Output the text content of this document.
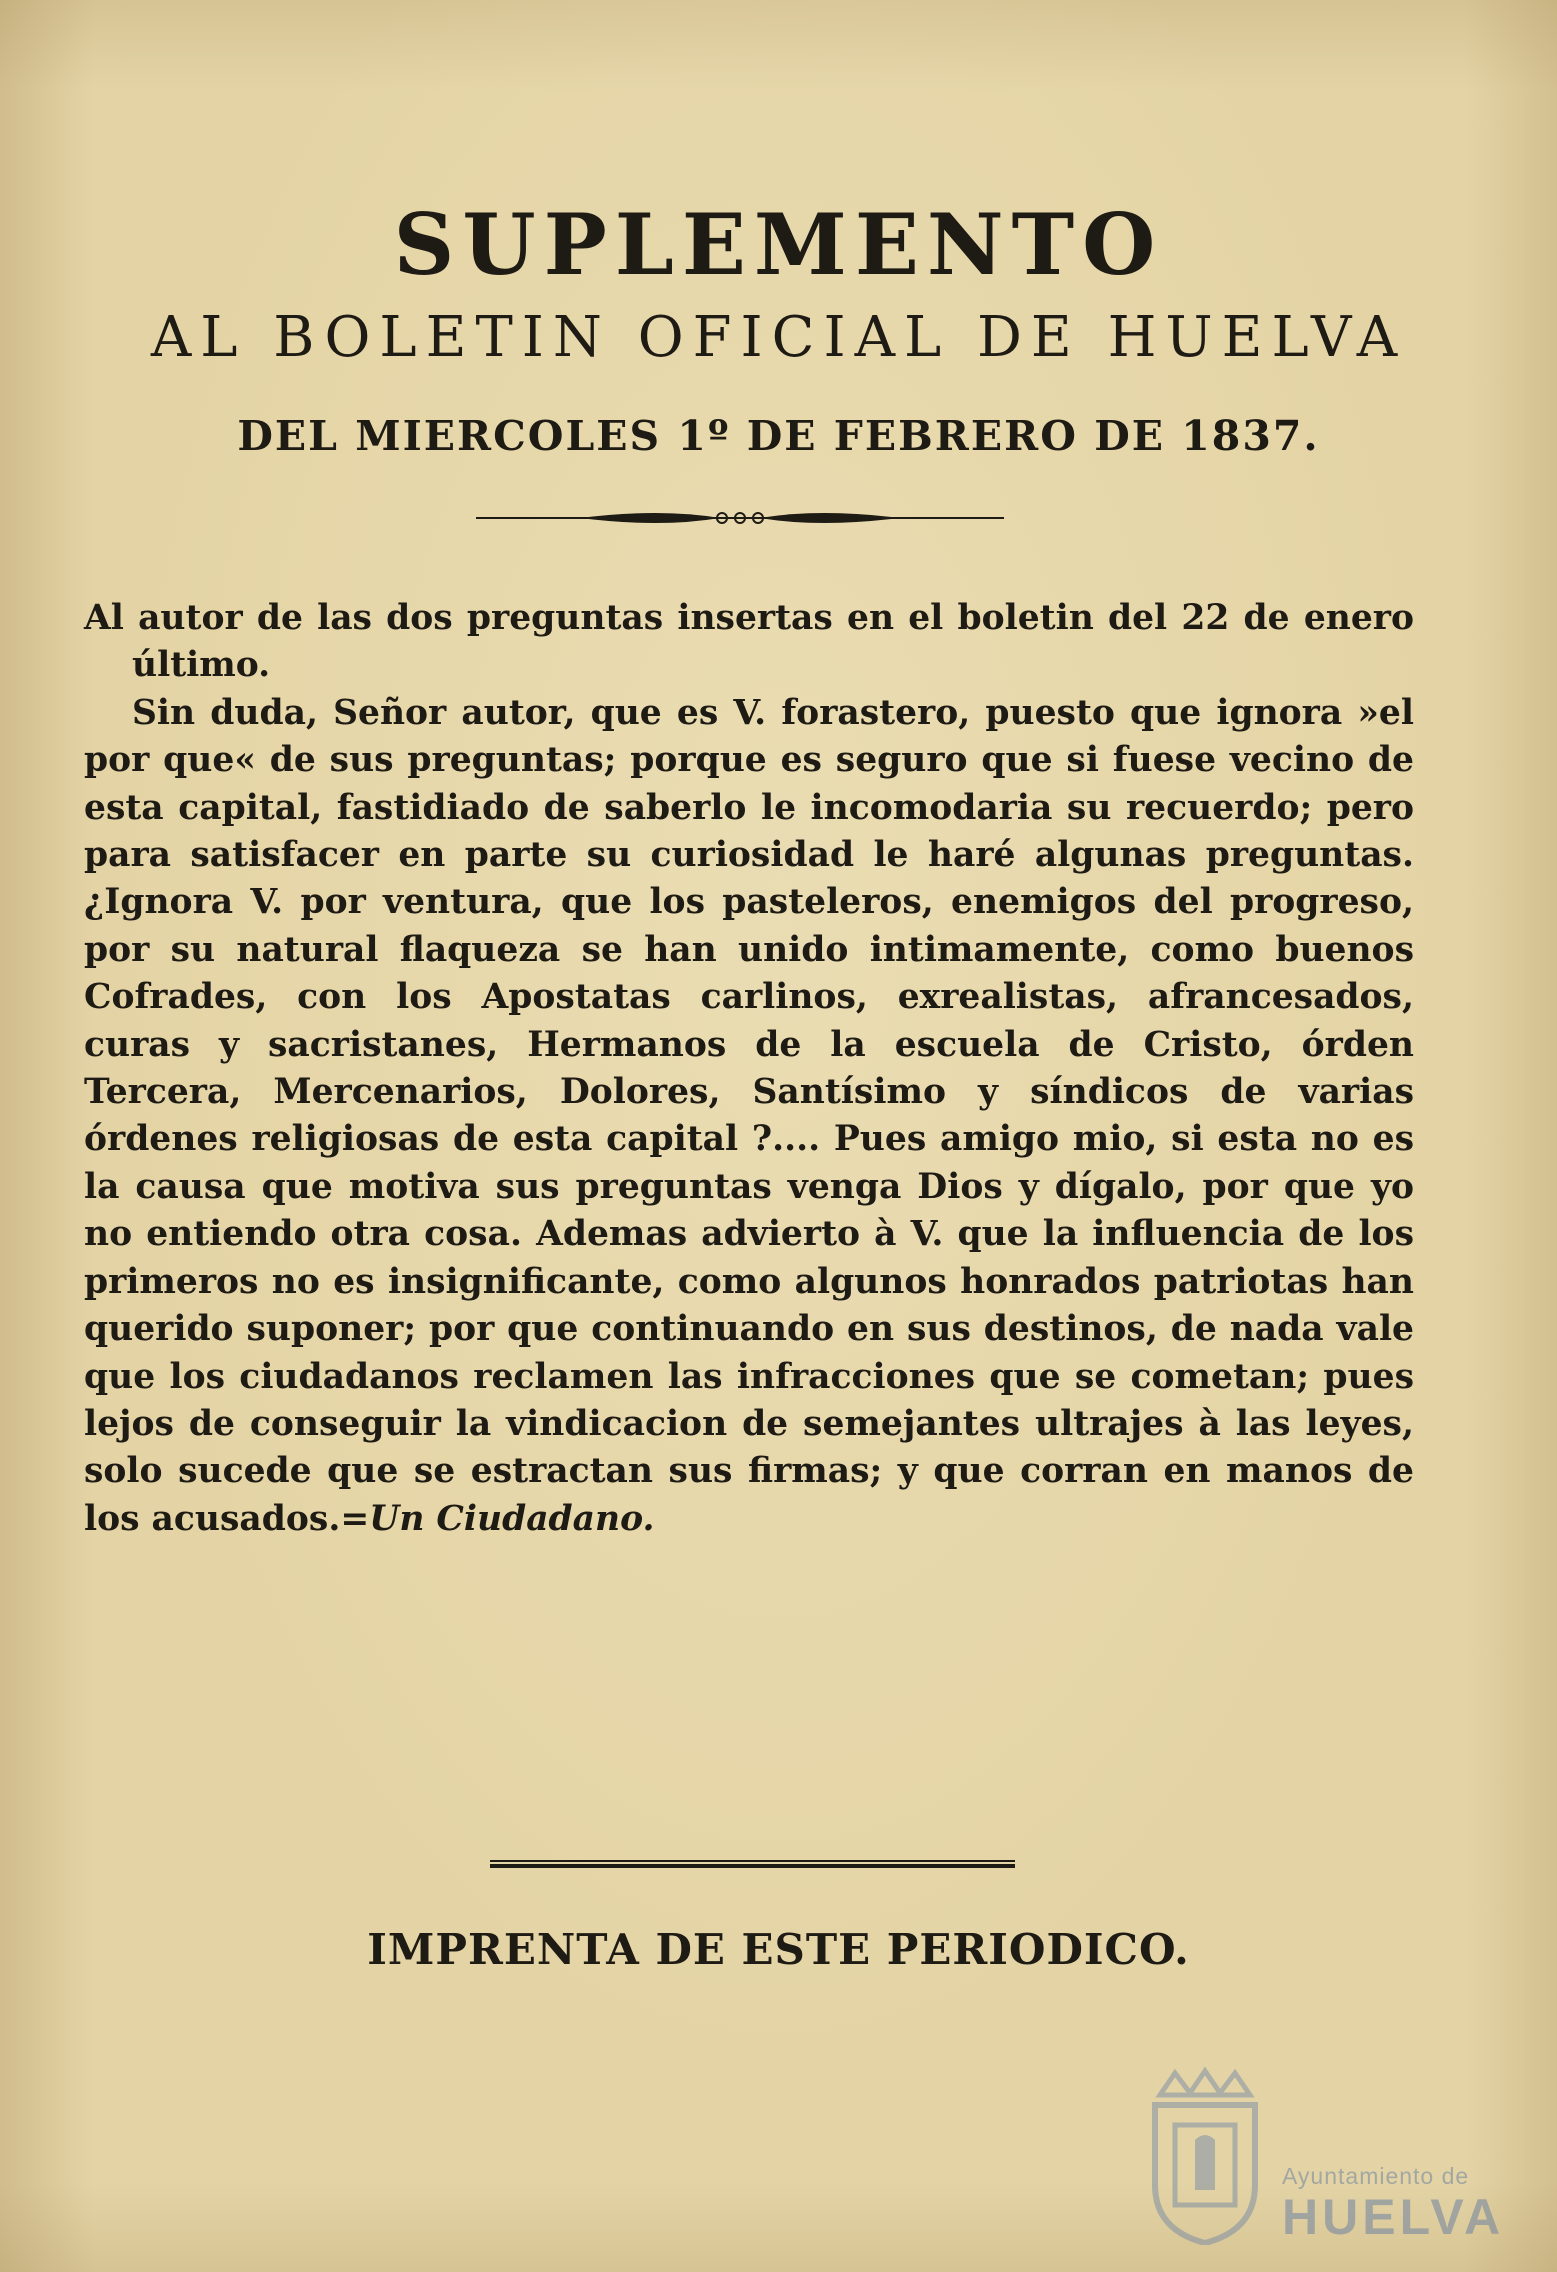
SUPLEMENTO
AL BOLETIN OFICIAL DE HUELVA
DEL MIERCOLES 1º DE FEBRERO DE 1837.

Al autor de las dos preguntas insertas en el boletin del 22 de enero último.

Sin duda, Señor autor, que es V. forastero, puesto que ignora »el por que« de sus preguntas; porque es seguro que si fuese vecino de esta capital, fastidiado de saberlo le incomodaria su recuerdo; pero para satisfacer en parte su curiosidad le haré algunas preguntas. ¿Ignora V. por ventura, que los pasteleros, enemigos del progreso, por su natural flaqueza se han unido intimamente, como buenos Cofrades, con los Apostatas carlinos, exrealistas, afrancesados, curas y sacristanes, Hermanos de la escuela de Cristo, órden Tercera, Mercenarios, Dolores, Santísimo y síndicos de varias órdenes religiosas de esta capital ?.... Pues amigo mio, si esta no es la causa que motiva sus preguntas venga Dios y dígalo, por que yo no entiendo otra cosa. Ademas advierto à V. que la influencia de los primeros no es insignificante, como algunos honrados patriotas han querido suponer; por que continuando en sus destinos, de nada vale que los ciudadanos reclamen las infracciones que se cometan; pues lejos de conseguir la vindicacion de semejantes ultrajes à las leyes, solo sucede que se estractan sus firmas; y que corran en manos de los acusados.=Un Ciudadano.

IMPRENTA DE ESTE PERIODICO.
Ayuntamiento de
HUELVA
